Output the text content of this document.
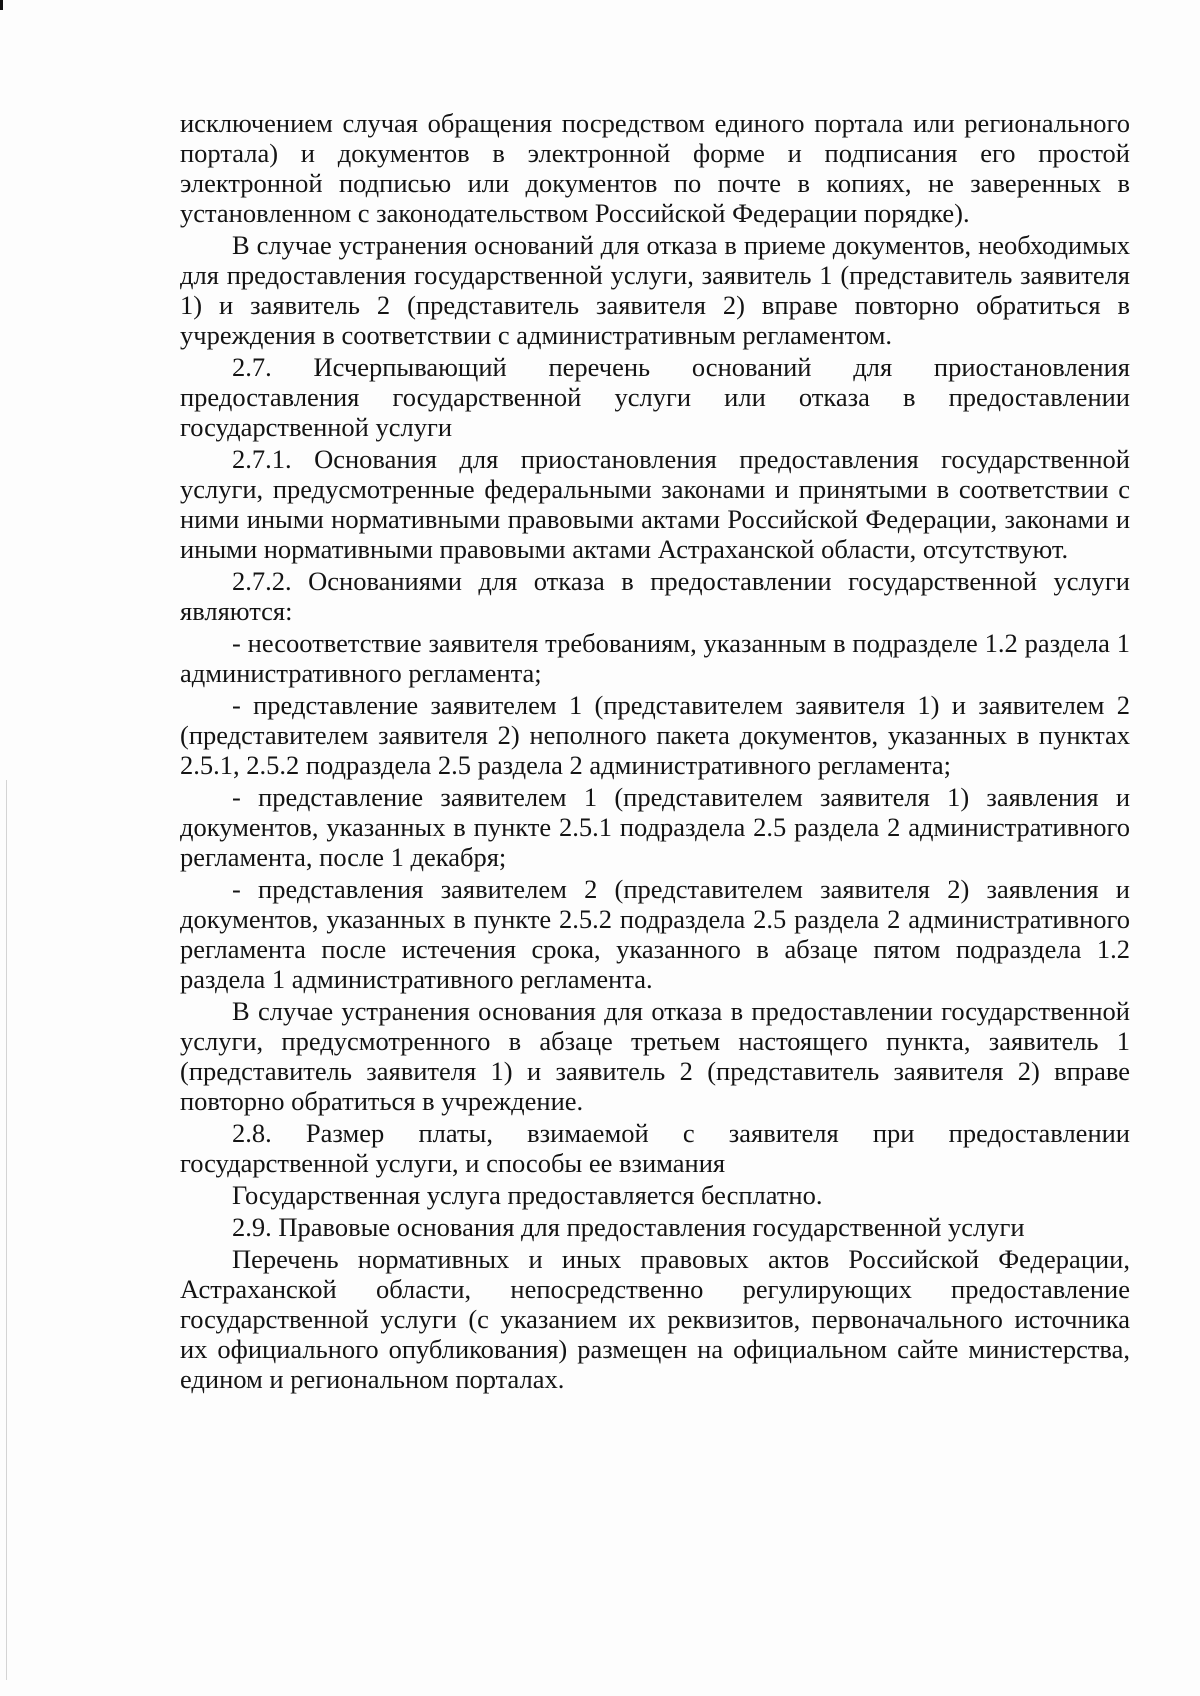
исключением случая обращения посредством единого портала или регионального портала) и документов в электронной форме и подписания его простой электронной подписью или документов по почте в копиях, не заверенных в установленном с законодательством Российской Федерации порядке).

В случае устранения оснований для отказа в приеме документов, необходимых для предоставления государственной услуги, заявитель 1 (представитель заявителя 1) и заявитель 2 (представитель заявителя 2) вправе повторно обратиться в учреждения в соответствии с административным регламентом.

2.7. Исчерпывающий перечень оснований для приостановления предоставления государственной услуги или отказа в предоставлении государственной услуги

2.7.1. Основания для приостановления предоставления государственной услуги, предусмотренные федеральными законами и принятыми в соответствии с ними иными нормативными правовыми актами Российской Федерации, законами и иными нормативными правовыми актами Астраханской области, отсутствуют.

2.7.2. Основаниями для отказа в предоставлении государственной услуги являются:

- несоответствие заявителя требованиям, указанным в подразделе 1.2 раздела 1 административного регламента;

- представление заявителем 1 (представителем заявителя 1) и заявителем 2 (представителем заявителя 2) неполного пакета документов, указанных в пунктах 2.5.1, 2.5.2 подраздела 2.5 раздела 2 административного регламента;

- представление заявителем 1 (представителем заявителя 1) заявления и документов, указанных в пункте 2.5.1 подраздела 2.5 раздела 2 административного регламента, после 1 декабря;

- представления заявителем 2 (представителем заявителя 2) заявления и документов, указанных в пункте 2.5.2 подраздела 2.5 раздела 2 административного регламента после истечения срока, указанного в абзаце пятом подраздела 1.2 раздела 1 административного регламента.

В случае устранения основания для отказа в предоставлении государственной услуги, предусмотренного в абзаце третьем настоящего пункта, заявитель 1 (представитель заявителя 1) и заявитель 2 (представитель заявителя 2) вправе повторно обратиться в учреждение.

2.8. Размер платы, взимаемой с заявителя при предоставлении государственной услуги, и способы ее взимания

Государственная услуга предоставляется бесплатно.

2.9. Правовые основания для предоставления государственной услуги

Перечень нормативных и иных правовых актов Российской Федерации, Астраханской области, непосредственно регулирующих предоставление государственной услуги (с указанием их реквизитов, первоначального источника их официального опубликования) размещен на официальном сайте министерства, едином и региональном порталах.
